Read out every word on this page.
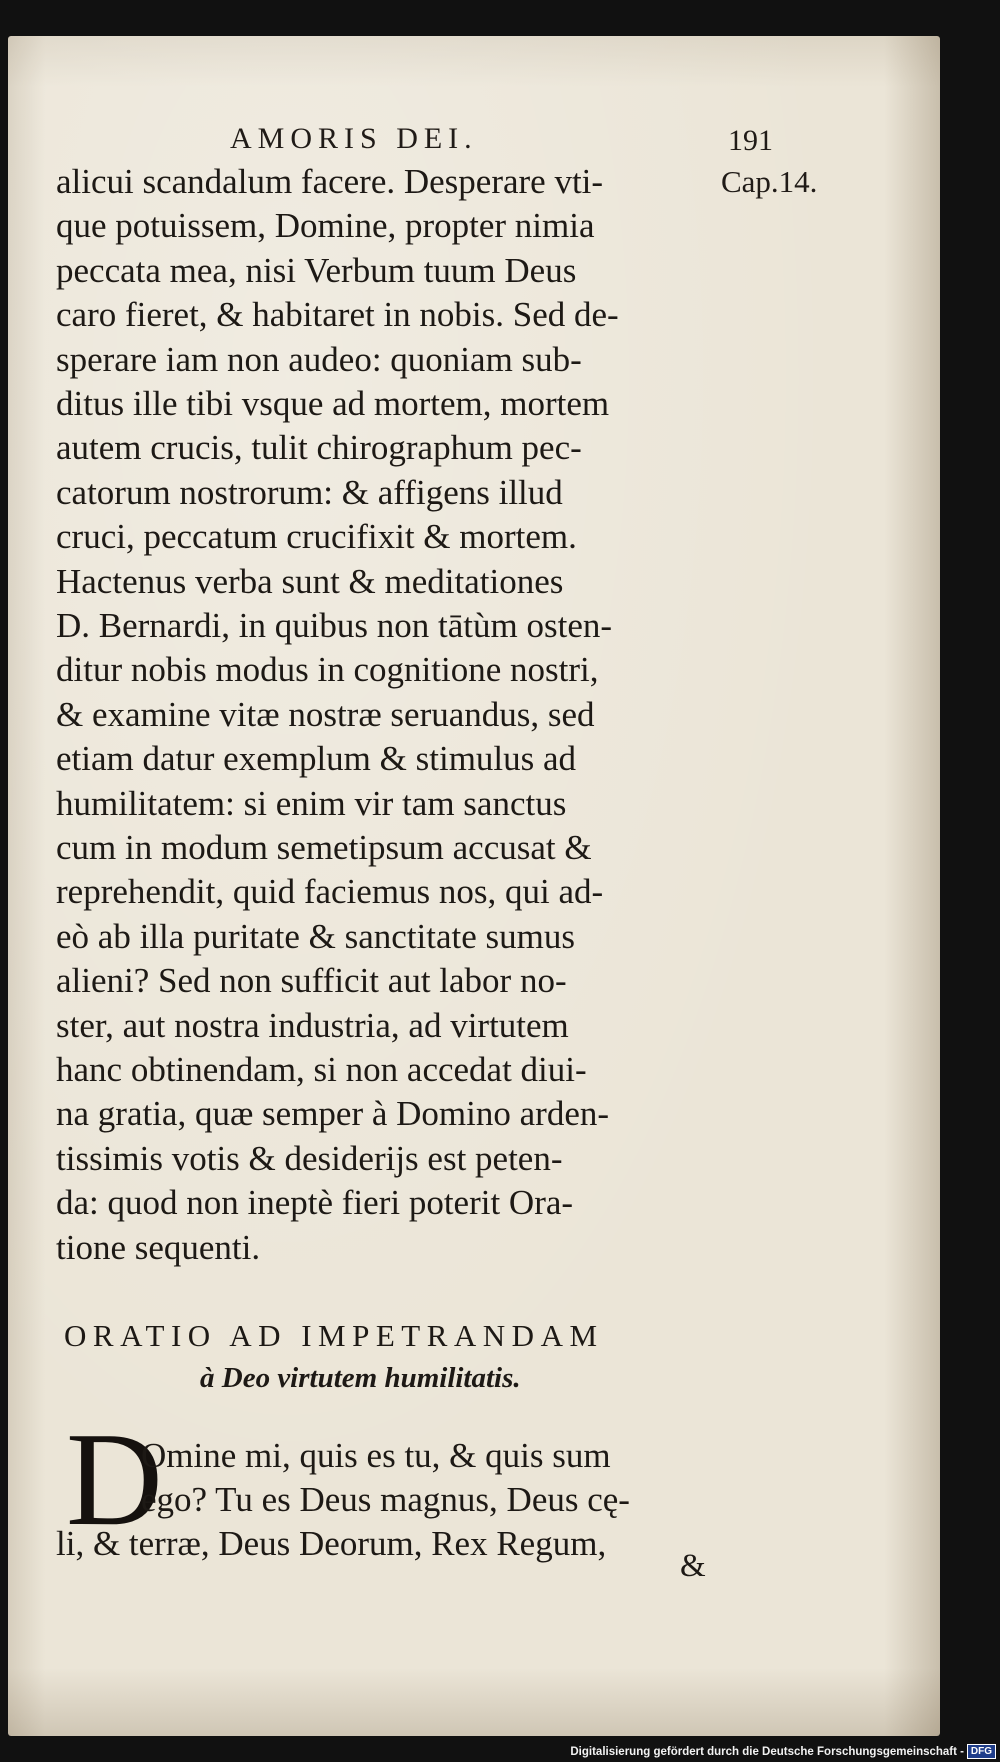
AMORIS DEI.	191
Cap.14.
alicui scandalum facere. Desperare vti-
que potuissem, Domine, propter nimia
peccata mea, nisi Verbum tuum Deus
caro fieret, & habitaret in nobis. Sed de-
sperare iam non audeo: quoniam sub-
ditus ille tibi vsque ad mortem, mortem
autem crucis, tulit chirographum pec-
catorum nostrorum: & affigens illud
cruci, peccatum crucifixit & mortem.
Hactenus verba sunt & meditationes
D. Bernardi, in quibus non tātùm osten-
ditur nobis modus in cognitione nostri,
& examine vitæ nostræ seruandus, sed
etiam datur exemplum & stimulus ad
humilitatem: si enim vir tam sanctus
cum in modum semetipsum accusat &
reprehendit, quid faciemus nos, qui ad-
eò ab illa puritate & sanctitate sumus
alieni? Sed non sufficit aut labor no-
ster, aut nostra industria, ad virtutem
hanc obtinendam, si non accedat diui-
na gratia, quæ semper à Domino arden-
tissimis votis & desiderijs est peten-
da: quod non ineptè fieri poterit Ora-
tione sequenti.
ORATIO AD IMPETRANDAM
à Deo virtutem humilitatis.
D
Omine mi, quis es tu, & quis sum
ego? Tu es Deus magnus, Deus cę-
li, & terræ, Deus Deorum, Rex Regum,
&
Digitalisierung gefördert durch die Deutsche Forschungsgemeinschaft - DFG
